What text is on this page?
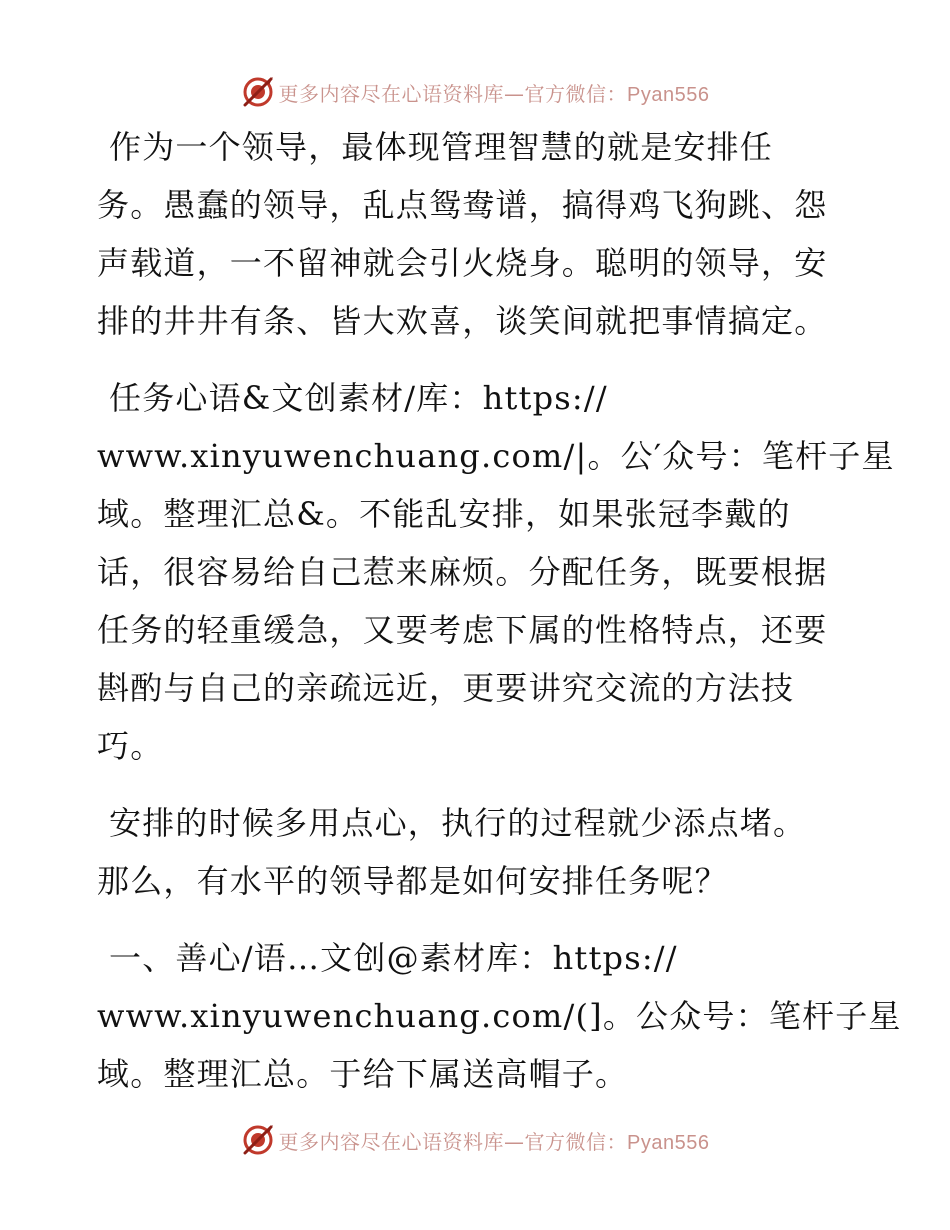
更多内容尽在心语资料库—官方微信：Pyan556

作为一个领导，最体现管理智慧的就是安排任
务。愚蠢的领导，乱点鸳鸯谱，搞得鸡飞狗跳、怨
声载道，一不留神就会引火烧身。聪明的领导，安
排的井井有条、皆大欢喜，谈笑间就把事情搞定。

任务心语&文创素材/库：https://
www.xinyuwenchuang.com/|。公′众号：笔杆子星
域。整理汇总&。不能乱安排，如果张冠李戴的
话，很容易给自己惹来麻烦。分配任务，既要根据
任务的轻重缓急，又要考虑下属的性格特点，还要
斟酌与自己的亲疏远近，更要讲究交流的方法技
巧。

安排的时候多用点心，执行的过程就少添点堵。
那么，有水平的领导都是如何安排任务呢？

一、善心/语…文创@素材库：https://
www.xinyuwenchuang.com/(]。公众号：笔杆子星
域。整理汇总。于给下属送高帽子。

更多内容尽在心语资料库—官方微信：Pyan556
